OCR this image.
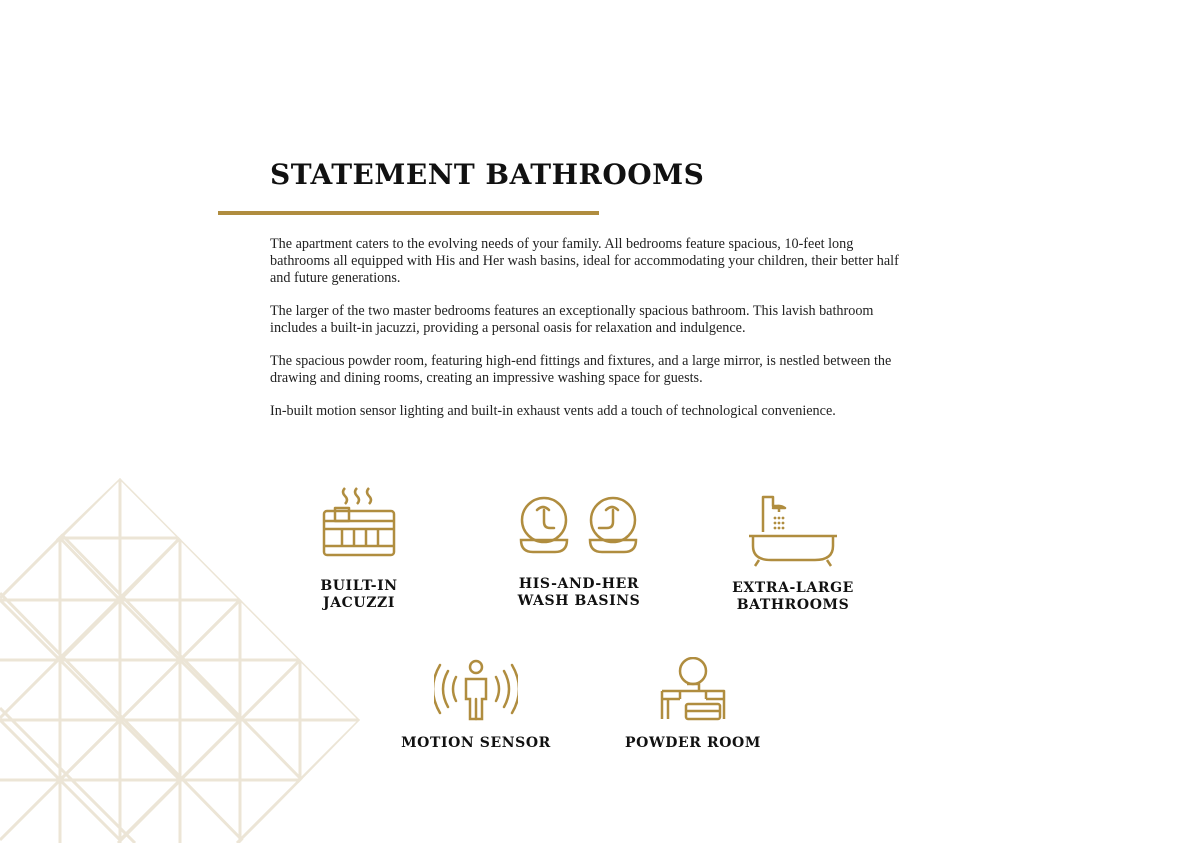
STATEMENT BATHROOMS

The apartment caters to the evolving needs of your family. All bedrooms feature spacious, 10-feet long bathrooms all equipped with His and Her wash basins, ideal for accommodating your children, their better half and future generations.

The larger of the two master bedrooms features an exceptionally spacious bathroom. This lavish bathroom includes a built-in jacuzzi, providing a personal oasis for relaxation and indulgence.

The spacious powder room, featuring high-end fittings and fixtures, and a large mirror, is nestled between the drawing and dining rooms, creating an impressive washing space for guests.

In-built motion sensor lighting and built-in exhaust vents add a touch of technological convenience.

BUILT-IN
JACUZZI
HIS-AND-HER
WASH BASINS
EXTRA-LARGE
BATHROOMS
MOTION SENSOR	POWDER ROOM
